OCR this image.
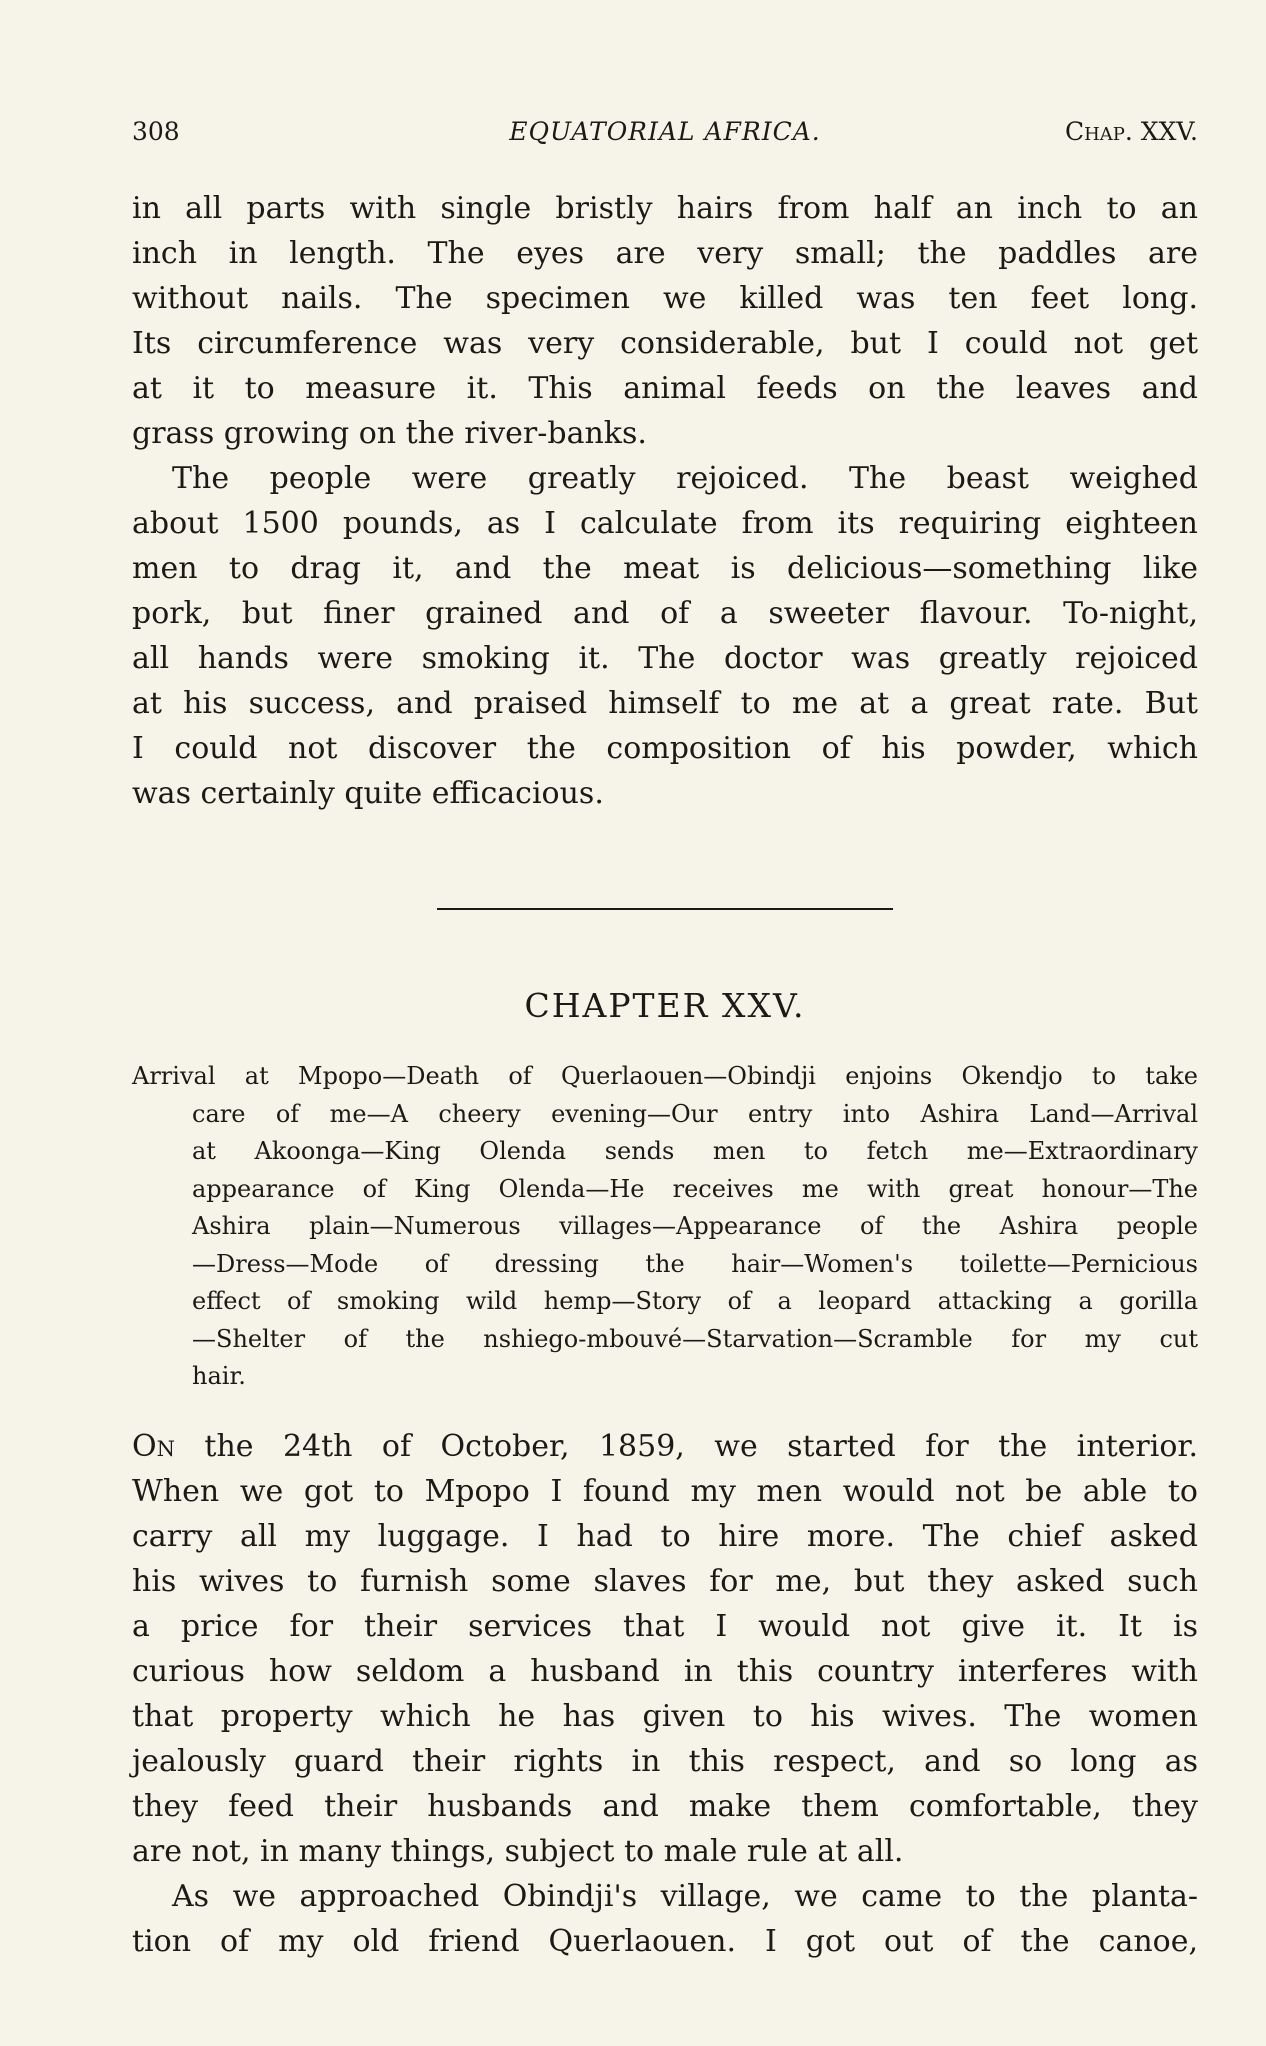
308	EQUATORIAL AFRICA.	Chap. XXV.

in all parts with single bristly hairs from half an inch to an
inch in length. The eyes are very small; the paddles are
without nails. The specimen we killed was ten feet long.
Its circumference was very considerable, but I could not get
at it to measure it. This animal feeds on the leaves and
grass growing on the river-banks.

The people were greatly rejoiced. The beast weighed
about 1500 pounds, as I calculate from its requiring eighteen
men to drag it, and the meat is delicious—something like
pork, but finer grained and of a sweeter flavour. To-night,
all hands were smoking it. The doctor was greatly rejoiced
at his success, and praised himself to me at a great rate. But
I could not discover the composition of his powder, which
was certainly quite efficacious.

CHAPTER XXV.
Arrival at Mpopo—Death of Querlaouen—Obindji enjoins Okendjo to take
care of me—A cheery evening—Our entry into Ashira Land—Arrival
at Akoonga—King Olenda sends men to fetch me—Extraordinary
appearance of King Olenda—He receives me with great honour—The
Ashira plain—Numerous villages—Appearance of the Ashira people
—Dress—Mode of dressing the hair—Women's toilette—Pernicious
effect of smoking wild hemp—Story of a leopard attacking a gorilla
—Shelter of the nshiego-mbouvé—Starvation—Scramble for my cut
hair.

On the 24th of October, 1859, we started for the interior.
When we got to Mpopo I found my men would not be able to
carry all my luggage. I had to hire more. The chief asked
his wives to furnish some slaves for me, but they asked such
a price for their services that I would not give it. It is
curious how seldom a husband in this country interferes with
that property which he has given to his wives. The women
jealously guard their rights in this respect, and so long as
they feed their husbands and make them comfortable, they
are not, in many things, subject to male rule at all.

As we approached Obindji's village, we came to the planta-
tion of my old friend Querlaouen. I got out of the canoe,
